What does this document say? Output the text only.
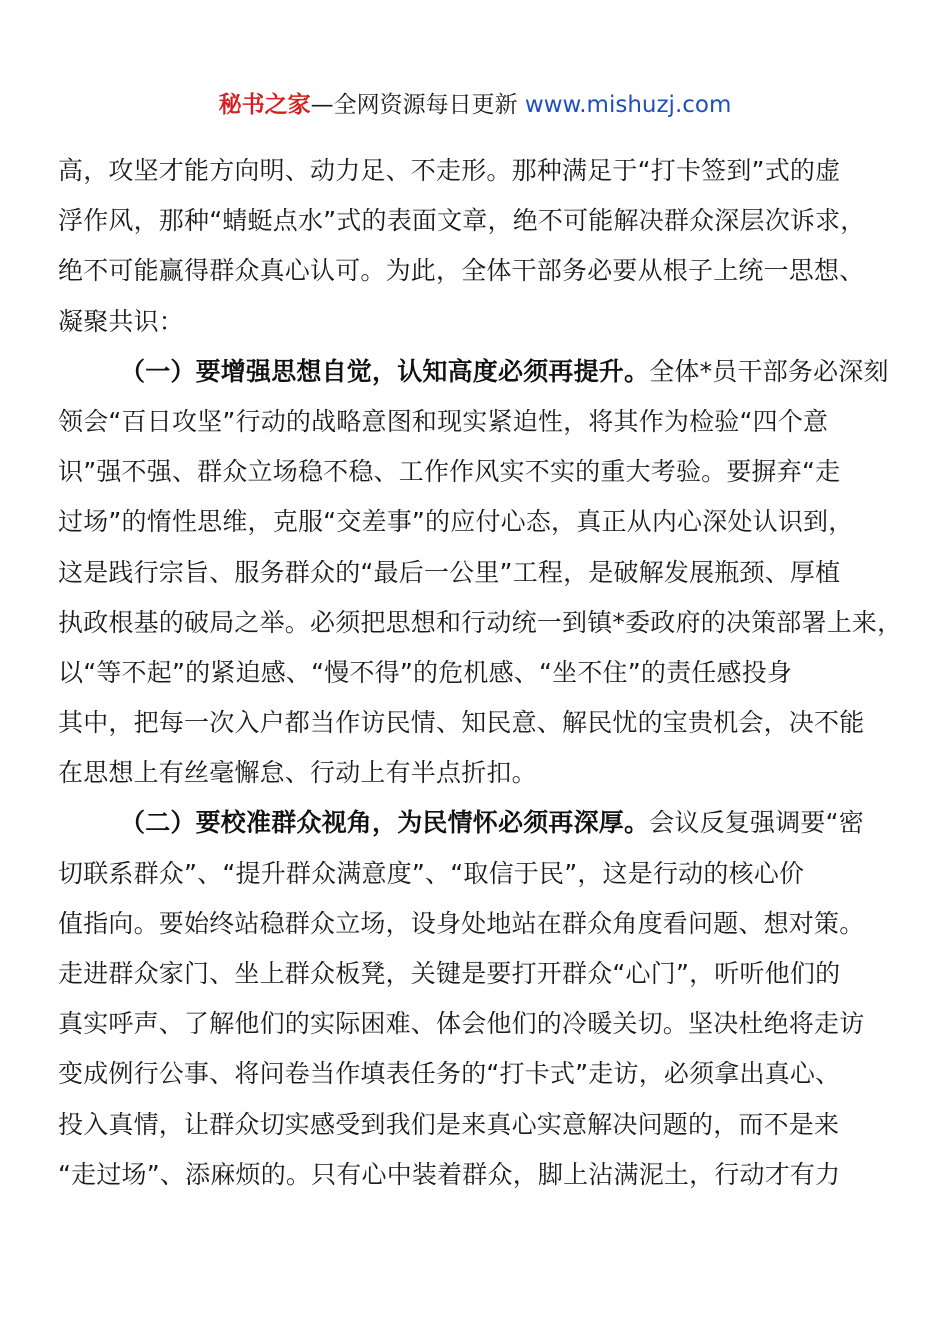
秘书之家—全网资源每日更新 www.mishuzj.com
高，攻坚才能方向明、动力足、不走形。那种满足于“打卡签到”式的虚
浮作风，那种“蜻蜓点水”式的表面文章，绝不可能解决群众深层次诉求，
绝不可能赢得群众真心认可。为此，全体干部务必要从根子上统一思想、
凝聚共识：
（一）要增强思想自觉，认知高度必须再提升。全体*员干部务必深刻
领会“百日攻坚”行动的战略意图和现实紧迫性，将其作为检验“四个意
识”强不强、群众立场稳不稳、工作作风实不实的重大考验。要摒弃“走
过场”的惰性思维，克服“交差事”的应付心态，真正从内心深处认识到，
这是践行宗旨、服务群众的“最后一公里”工程，是破解发展瓶颈、厚植
执政根基的破局之举。必须把思想和行动统一到镇*委政府的决策部署上来，
以“等不起”的紧迫感、“慢不得”的危机感、“坐不住”的责任感投身
其中，把每一次入户都当作访民情、知民意、解民忧的宝贵机会，决不能
在思想上有丝毫懈怠、行动上有半点折扣。
（二）要校准群众视角，为民情怀必须再深厚。会议反复强调要“密
切联系群众”、“提升群众满意度”、“取信于民”，这是行动的核心价
值指向。要始终站稳群众立场，设身处地站在群众角度看问题、想对策。
走进群众家门、坐上群众板凳，关键是要打开群众“心门”，听听他们的
真实呼声、了解他们的实际困难、体会他们的冷暖关切。坚决杜绝将走访
变成例行公事、将问卷当作填表任务的“打卡式”走访，必须拿出真心、
投入真情，让群众切实感受到我们是来真心实意解决问题的，而不是来
“走过场”、添麻烦的。只有心中装着群众，脚上沾满泥土，行动才有力
